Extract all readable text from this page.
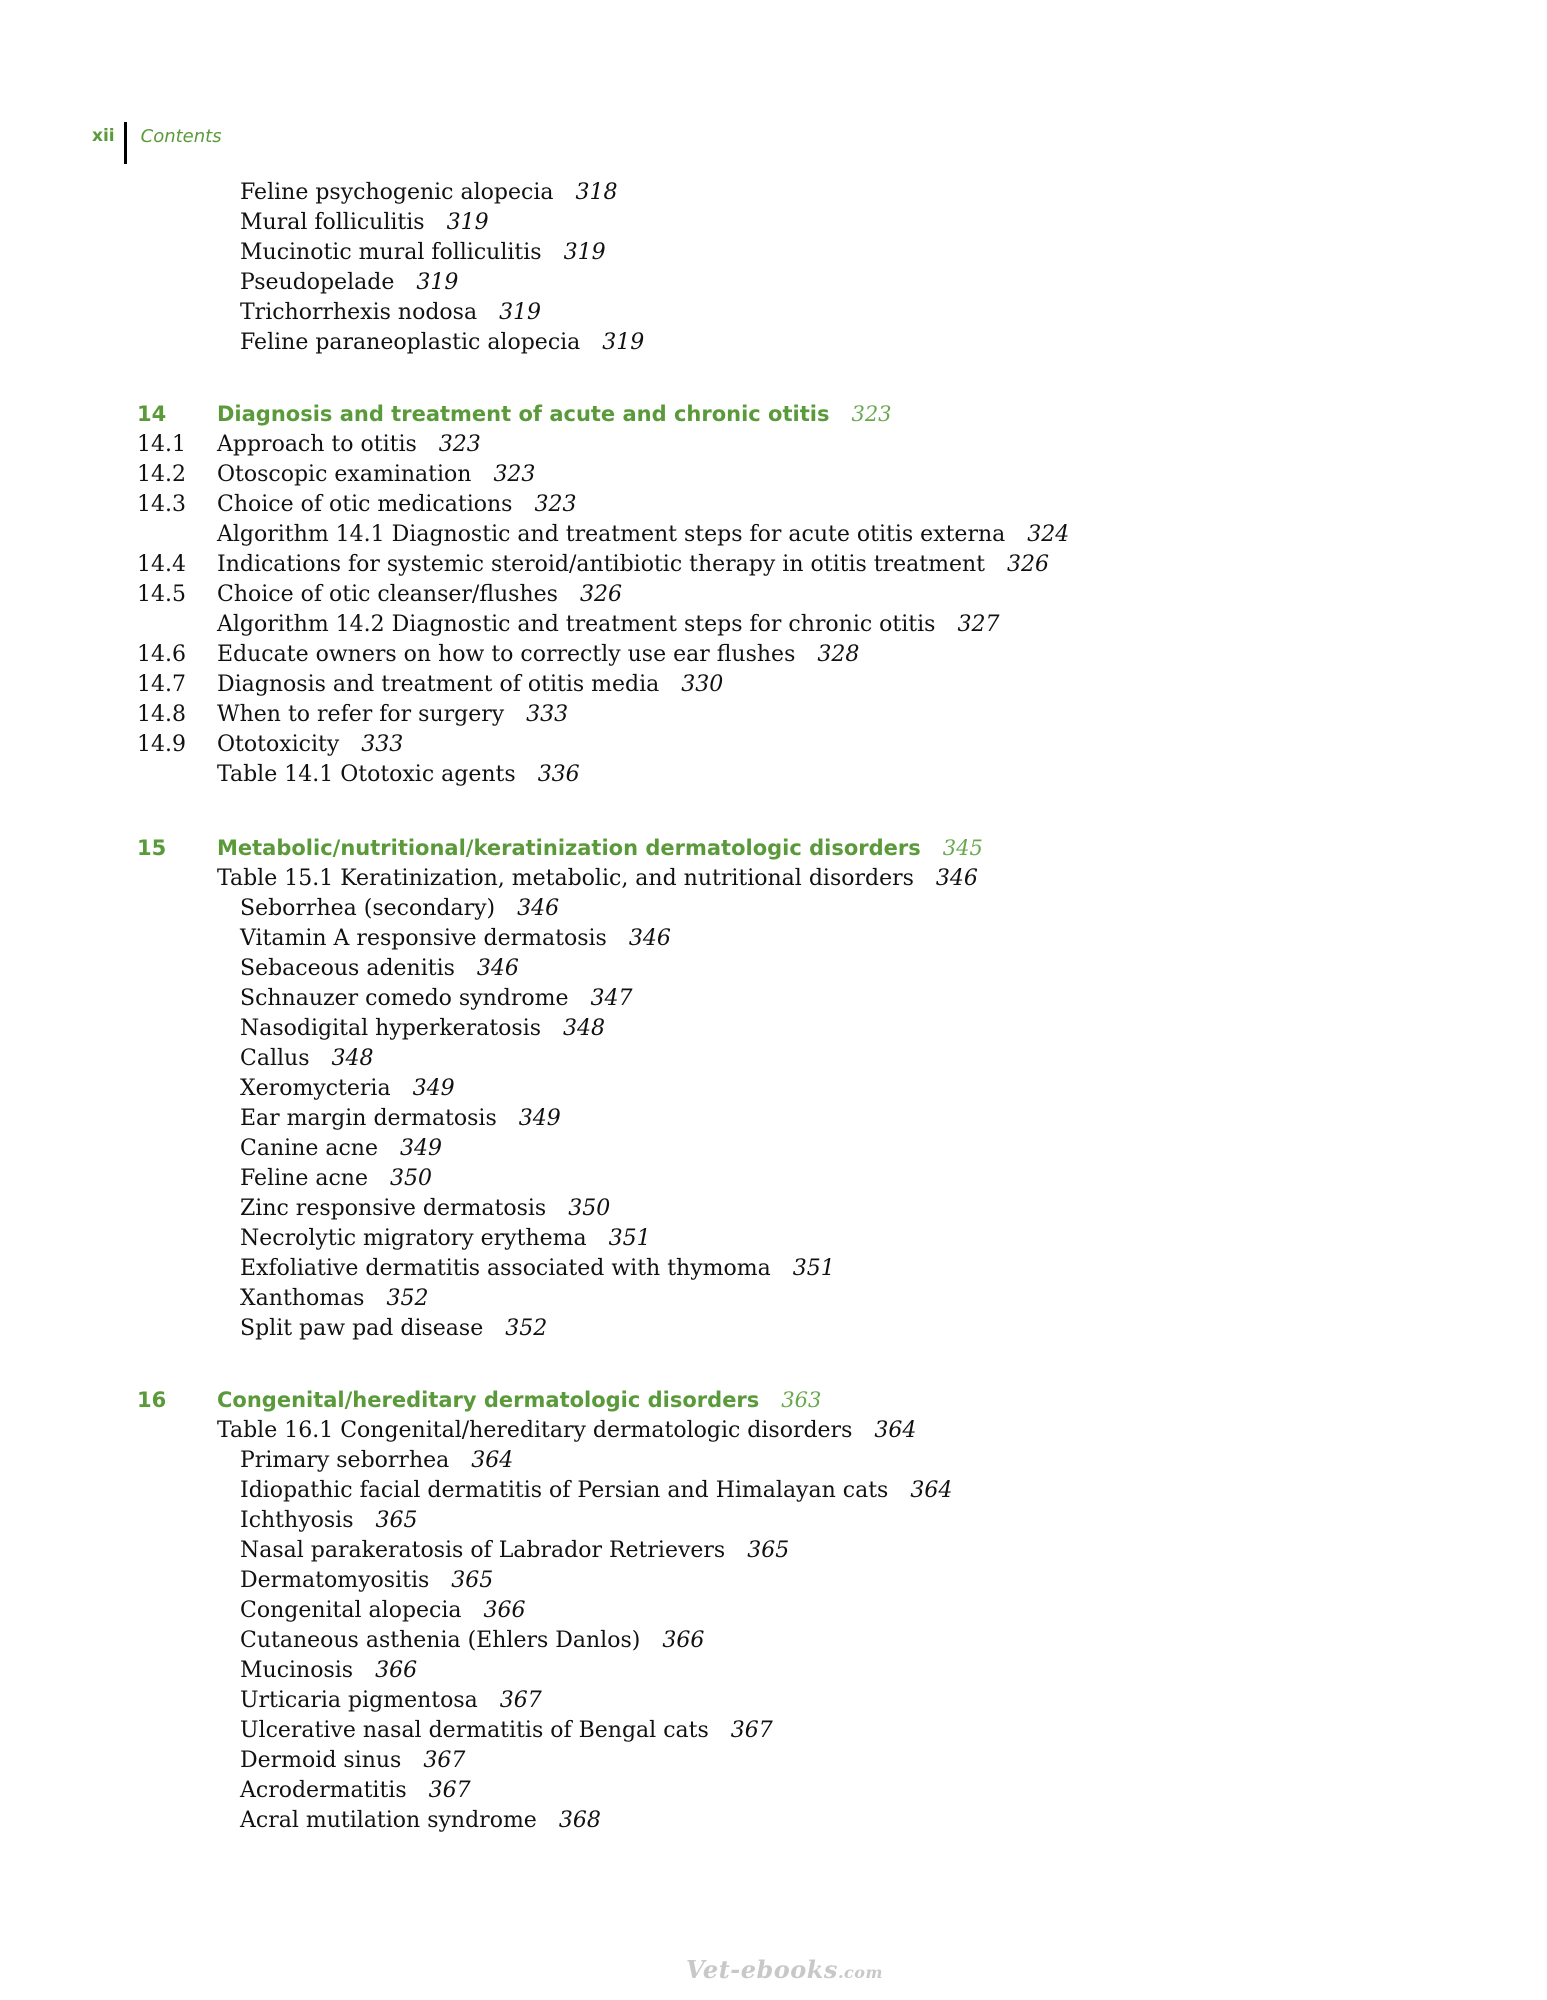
xii Contents
Feline psychogenic alopecia 318
Mural folliculitis 319
Mucinotic mural folliculitis 319
Pseudopelade 319
Trichorrhexis nodosa 319
Feline paraneoplastic alopecia 319
14 Diagnosis and treatment of acute and chronic otitis 323
14.1 Approach to otitis 323
14.2 Otoscopic examination 323
14.3 Choice of otic medications 323
Algorithm 14.1 Diagnostic and treatment steps for acute otitis externa 324
14.4 Indications for systemic steroid/antibiotic therapy in otitis treatment 326
14.5 Choice of otic cleanser/flushes 326
Algorithm 14.2 Diagnostic and treatment steps for chronic otitis 327
14.6 Educate owners on how to correctly use ear flushes 328
14.7 Diagnosis and treatment of otitis media 330
14.8 When to refer for surgery 333
14.9 Ototoxicity 333
Table 14.1 Ototoxic agents 336
15 Metabolic/nutritional/keratinization dermatologic disorders 345
Table 15.1 Keratinization, metabolic, and nutritional disorders 346
Seborrhea (secondary) 346
Vitamin A responsive dermatosis 346
Sebaceous adenitis 346
Schnauzer comedo syndrome 347
Nasodigital hyperkeratosis 348
Callus 348
Xeromycteria 349
Ear margin dermatosis 349
Canine acne 349
Feline acne 350
Zinc responsive dermatosis 350
Necrolytic migratory erythema 351
Exfoliative dermatitis associated with thymoma 351
Xanthomas 352
Split paw pad disease 352
16 Congenital/hereditary dermatologic disorders 363
Table 16.1 Congenital/hereditary dermatologic disorders 364
Primary seborrhea 364
Idiopathic facial dermatitis of Persian and Himalayan cats 364
Ichthyosis 365
Nasal parakeratosis of Labrador Retrievers 365
Dermatomyositis 365
Congenital alopecia 366
Cutaneous asthenia (Ehlers Danlos) 366
Mucinosis 366
Urticaria pigmentosa 367
Ulcerative nasal dermatitis of Bengal cats 367
Dermoid sinus 367
Acrodermatitis 367
Acral mutilation syndrome 368
Vet-ebooks.com
